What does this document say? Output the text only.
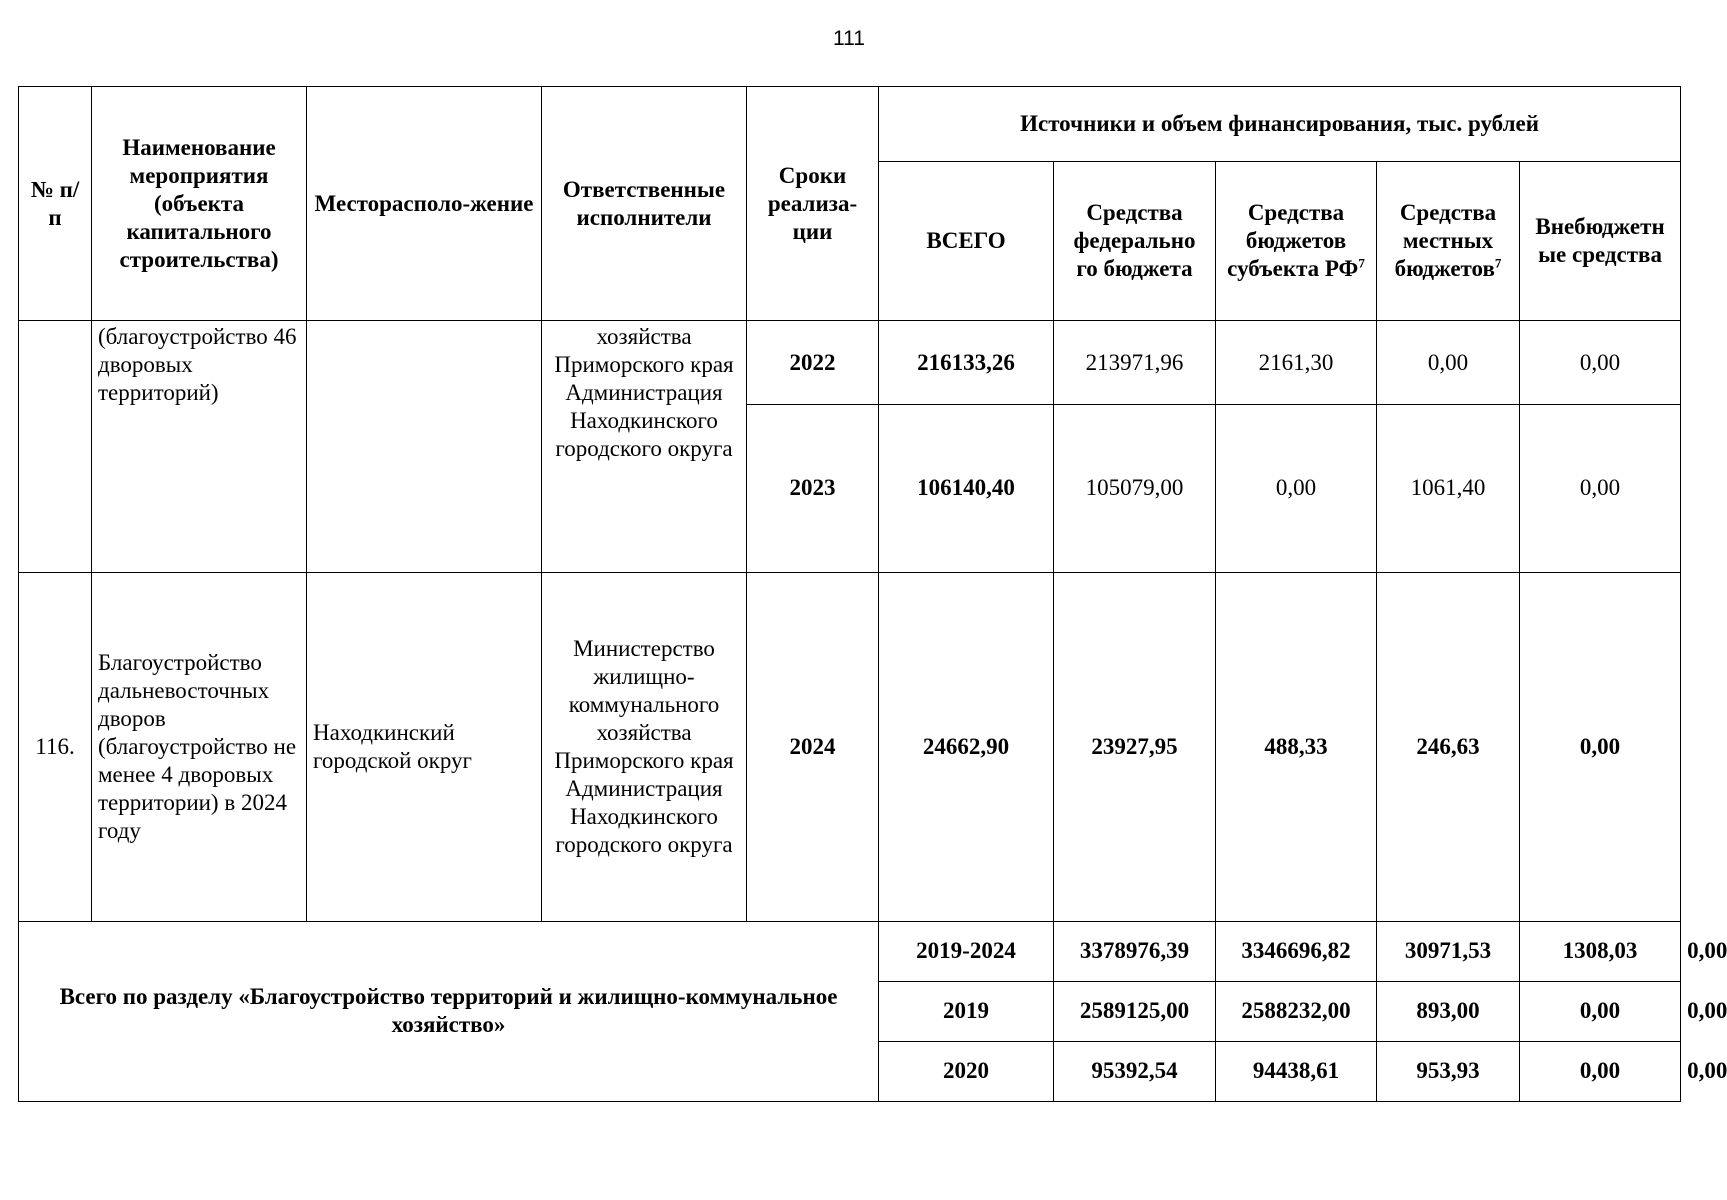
111
№ п/п	Наименование мероприятия (объекта капитального строительства)	Месторасполо-жение	Ответственные исполнители	Сроки реализа-ции	Источники и объем финансирования, тыс. рублей					
					ВСЕГО	Средства федерально го бюджета	Средства бюджетов субъекта $РФ^7$	Средства местных бюджетов$^7$	Внебюджетн ые средства	
	(благоустройство 46 дворовых территорий)		хозяйства Приморского края Администрация Находкинского городского округа	2022	216133,26	213971,96	2161,30	0,00	0,00	
				2023	106140,40	105079,00	0,00	1061,40	0,00	
116.	Благоустройство дальневосточных дворов (благоустройство не менее 4 дворовых территории) в 2024 году	Находкинский городской округ	Министерство жилищно-коммунального хозяйства Приморского края Администрация Находкинского городского округа	2024	24662,90	23927,95	488,33	246,63	0,00	
Всего по разделу «Благоустройство территорий и жилищно-коммунальное хозяйство»					2019-2024	3378976,39	3346696,82	30971,53	1308,03	0,00
					2019	2589125,00	2588232,00	893,00	0,00	0,00
					2020	95392,54	94438,61	953,93	0,00	0,00
